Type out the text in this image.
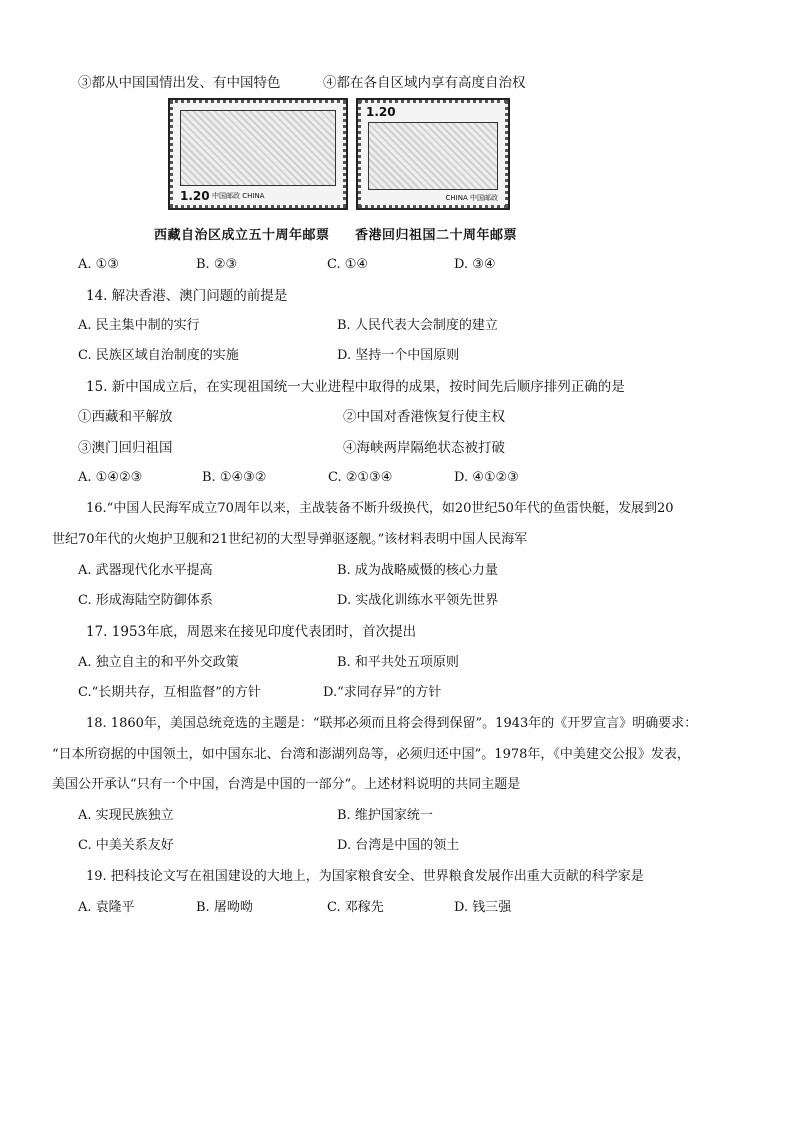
③都从中国国情出发、有中国特色	④都在各自区域内享有高度自治权
1.20 中国邮政 CHINA
1.20
CHINA 中国邮政
西藏自治区成立五十周年邮票 香港回归祖国二十周年邮票
A. ①③	B. ②③	C. ①④	D. ③④
14. 解决香港、澳门问题的前提是
A. 民主集中制的实行	B. 人民代表大会制度的建立
C. 民族区域自治制度的实施	D. 坚持一个中国原则
15. 新中国成立后，在实现祖国统一大业进程中取得的成果，按时间先后顺序排列正确的是
①西藏和平解放	②中国对香港恢复行使主权
③澳门回归祖国	④海峡两岸隔绝状态被打破
A. ①④②③	B. ①④③②	C. ②①③④	D. ④①②③
16.“中国人民海军成立70周年以来，主战装备不断升级换代，如20世纪50年代的鱼雷快艇，发展到20
世纪70年代的火炮护卫舰和21世纪初的大型导弹驱逐舰。”该材料表明中国人民海军
A. 武器现代化水平提高	B. 成为战略威慑的核心力量
C. 形成海陆空防御体系	D. 实战化训练水平领先世界
17. 1953年底，周恩来在接见印度代表团时，首次提出
A. 独立自主的和平外交政策	B. 和平共处五项原则
C.“长期共存，互相监督”的方针	D.“求同存异”的方针
18. 1860年，美国总统竞选的主题是：“联邦必须而且将会得到保留”。1943年的《开罗宣言》明确要求：
“日本所窃据的中国领土，如中国东北、台湾和澎湖列岛等，必须归还中国”。1978年，《中美建交公报》发表，
美国公开承认“只有一个中国，台湾是中国的一部分”。上述材料说明的共同主题是
A. 实现民族独立	B. 维护国家统一
C. 中美关系友好	D. 台湾是中国的领土
19. 把科技论文写在祖国建设的大地上，为国家粮食安全、世界粮食发展作出重大贡献的科学家是
A. 袁隆平	B. 屠呦呦	C. 邓稼先	D. 钱三强
